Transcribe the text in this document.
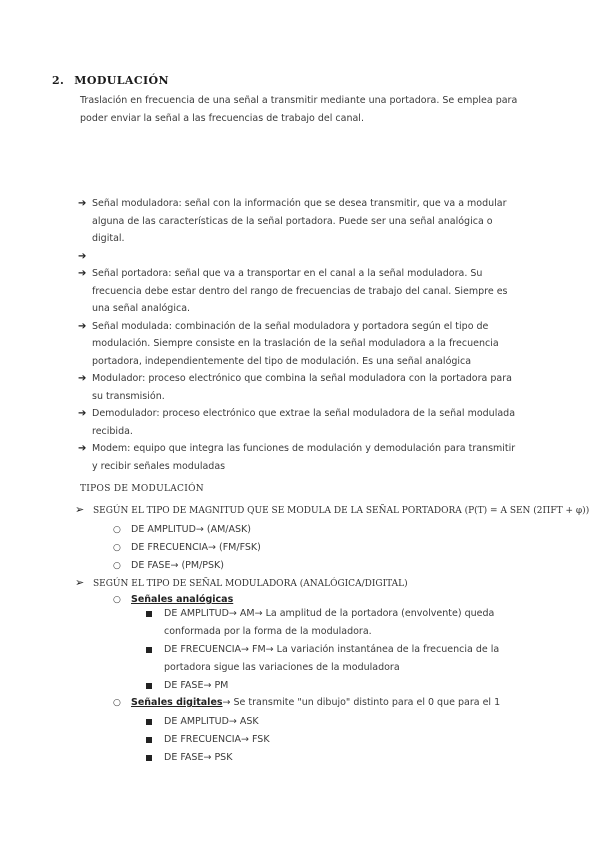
2. MODULACIÓN
Traslación en frecuencia de una señal a transmitir mediante una portadora. Se emplea para poder enviar la señal a las frecuencias de trabajo del canal.
➔ Señal moduladora: señal con la información que se desea transmitir, que va a modular alguna de las características de la señal portadora. Puede ser una señal analógica o digital.
➔
➔ Señal portadora: señal que va a transportar en el canal a la señal moduladora. Su frecuencia debe estar dentro del rango de frecuencias de trabajo del canal. Siempre es una señal analógica.
➔ Señal modulada: combinación de la señal moduladora y portadora según el tipo de modulación. Siempre consiste en la traslación de la señal moduladora a la frecuencia portadora, independientemente del tipo de modulación. Es una señal analógica
➔ Modulador: proceso electrónico que combina la señal moduladora con la portadora para su transmisión.
➔ Demodulador: proceso electrónico que extrae la señal moduladora de la señal modulada recibida.
➔ Modem: equipo que integra las funciones de modulación y demodulación para transmitir y recibir señales moduladas
TIPOS DE MODULACIÓN
➢ SEGÚN EL TIPO DE MAGNITUD QUE SE MODULA DE LA SEÑAL PORTADORA (P(T) = A SEN (2ΠFT + φ))
○ DE AMPLITUD→ (AM/ASK)
○ DE FRECUENCIA→ (FM/FSK)
○ DE FASE→ (PM/PSK)
➢ SEGÚN EL TIPO DE SEÑAL MODULADORA (ANALÓGICA/DIGITAL)
○ Señales analógicas
DE AMPLITUD→ AM→ La amplitud de la portadora (envolvente) queda conformada por la forma de la moduladora.
DE FRECUENCIA→ FM→ La variación instantánea de la frecuencia de la portadora sigue las variaciones de la moduladora
DE FASE→ PM
○ Señales digitales→ Se transmite "un dibujo" distinto para el 0 que para el 1
DE AMPLITUD→ ASK
DE FRECUENCIA→ FSK
DE FASE→ PSK
